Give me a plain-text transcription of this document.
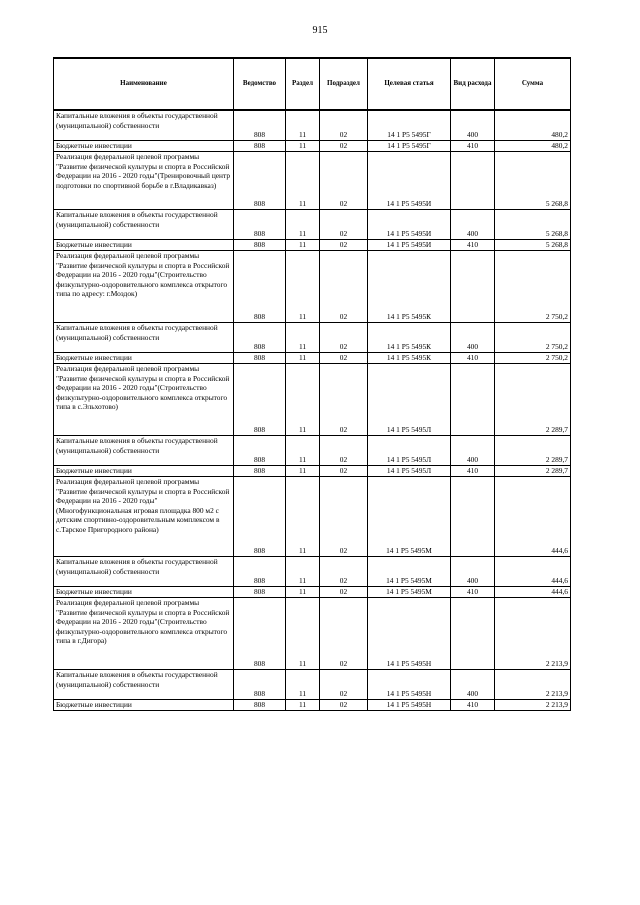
915
Наименование	Ведомство	Раздел	Подраздел	Целевая статья	Вид расхода	Сумма
Капитальные вложения в объекты государственной (муниципальной) собственности	808	11	02	14 1 Р5 5495Г	400	480,2
Бюджетные инвестиции	808	11	02	14 1 Р5 5495Г	410	480,2
Реализация федеральной целевой программы "Развитие физической культуры и спорта в Российской Федерации на 2016 - 2020 годы"(Тренировочный центр подготовки по спортивной борьбе в г.Владикавказ)	808	11	02	14 1 Р5 5495И		5 268,8
Капитальные вложения в объекты государственной (муниципальной) собственности	808	11	02	14 1 Р5 5495И	400	5 268,8
Бюджетные инвестиции	808	11	02	14 1 Р5 5495И	410	5 268,8
Реализация федеральной целевой программы "Развитие физической культуры и спорта в Российской Федерации на 2016 - 2020 годы"(Строительство физкультурно-оздоровительного комплекса открытого типа по адресу: г.Моздок)	808	11	02	14 1 Р5 5495К		2 750,2
Капитальные вложения в объекты государственной (муниципальной) собственности	808	11	02	14 1 Р5 5495К	400	2 750,2
Бюджетные инвестиции	808	11	02	14 1 Р5 5495К	410	2 750,2
Реализация федеральной целевой программы "Развитие физической культуры и спорта в Российской Федерации на 2016 - 2020 годы"(Строительство физкультурно-оздоровительного комплекса открытого типа в с.Эльхотово)	808	11	02	14 1 Р5 5495Л		2 289,7
Капитальные вложения в объекты государственной (муниципальной) собственности	808	11	02	14 1 Р5 5495Л	400	2 289,7
Бюджетные инвестиции	808	11	02	14 1 Р5 5495Л	410	2 289,7
Реализация федеральной целевой программы "Развитие физической культуры и спорта в Российской Федерации на 2016 - 2020 годы"(Многофункциональная игровая площадка 800 м2 с детским спортивно-оздоровительным комплексом в с.Тарское Пригородного района)	808	11	02	14 1 Р5 5495М		444,6
Капитальные вложения в объекты государственной (муниципальной) собственности	808	11	02	14 1 Р5 5495М	400	444,6
Бюджетные инвестиции	808	11	02	14 1 Р5 5495М	410	444,6
Реализация федеральной целевой программы "Развитие физической культуры и спорта в Российской Федерации на 2016 - 2020 годы"(Строительство физкультурно-оздоровительного комплекса открытого типа в г.Дигора)	808	11	02	14 1 Р5 5495Н		2 213,9
Капитальные вложения в объекты государственной (муниципальной) собственности	808	11	02	14 1 Р5 5495Н	400	2 213,9
Бюджетные инвестиции	808	11	02	14 1 Р5 5495Н	410	2 213,9
